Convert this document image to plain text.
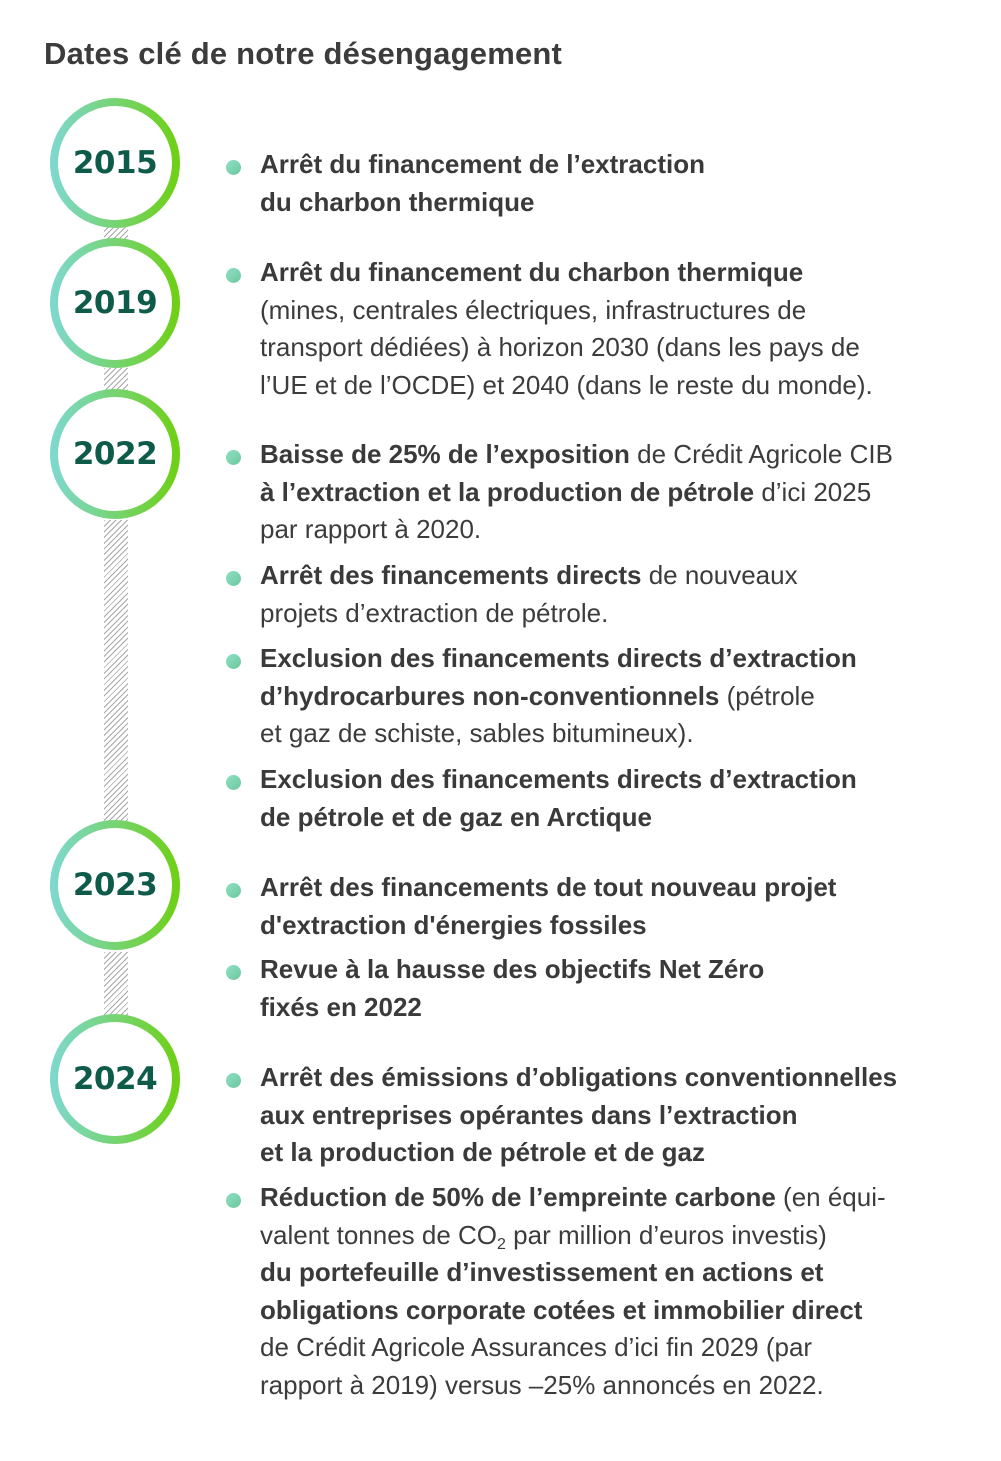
Dates clé de notre désengagement
2015
2019
2022
2023
2024
Arrêt du financement de l’extraction
du charbon thermique
Arrêt du financement du charbon thermique
(mines, centrales électriques, infrastructures de
transport dédiées) à horizon 2030 (dans les pays de
l’UE et de l’OCDE) et 2040 (dans le reste du monde).
Baisse de 25% de l’exposition de Crédit Agricole CIB
à l’extraction et la production de pétrole d’ici 2025
par rapport à 2020.
Arrêt des financements directs de nouveaux
projets d’extraction de pétrole.
Exclusion des financements directs d’extraction
d’hydrocarbures non-conventionnels (pétrole
et gaz de schiste, sables bitumineux).
Exclusion des financements directs d’extraction
de pétrole et de gaz en Arctique
Arrêt des financements de tout nouveau projet
d'extraction d'énergies fossiles
Revue à la hausse des objectifs Net Zéro
fixés en 2022
Arrêt des émissions d’obligations conventionnelles
aux entreprises opérantes dans l’extraction
et la production de pétrole et de gaz
Réduction de 50% de l’empreinte carbone (en équi-
valent tonnes de $CO_2$ par million d’euros investis)
du portefeuille d’investissement en actions et
obligations corporate cotées et immobilier direct
de Crédit Agricole Assurances d’ici fin 2029 (par
rapport à 2019) versus –25% annoncés en 2022.
